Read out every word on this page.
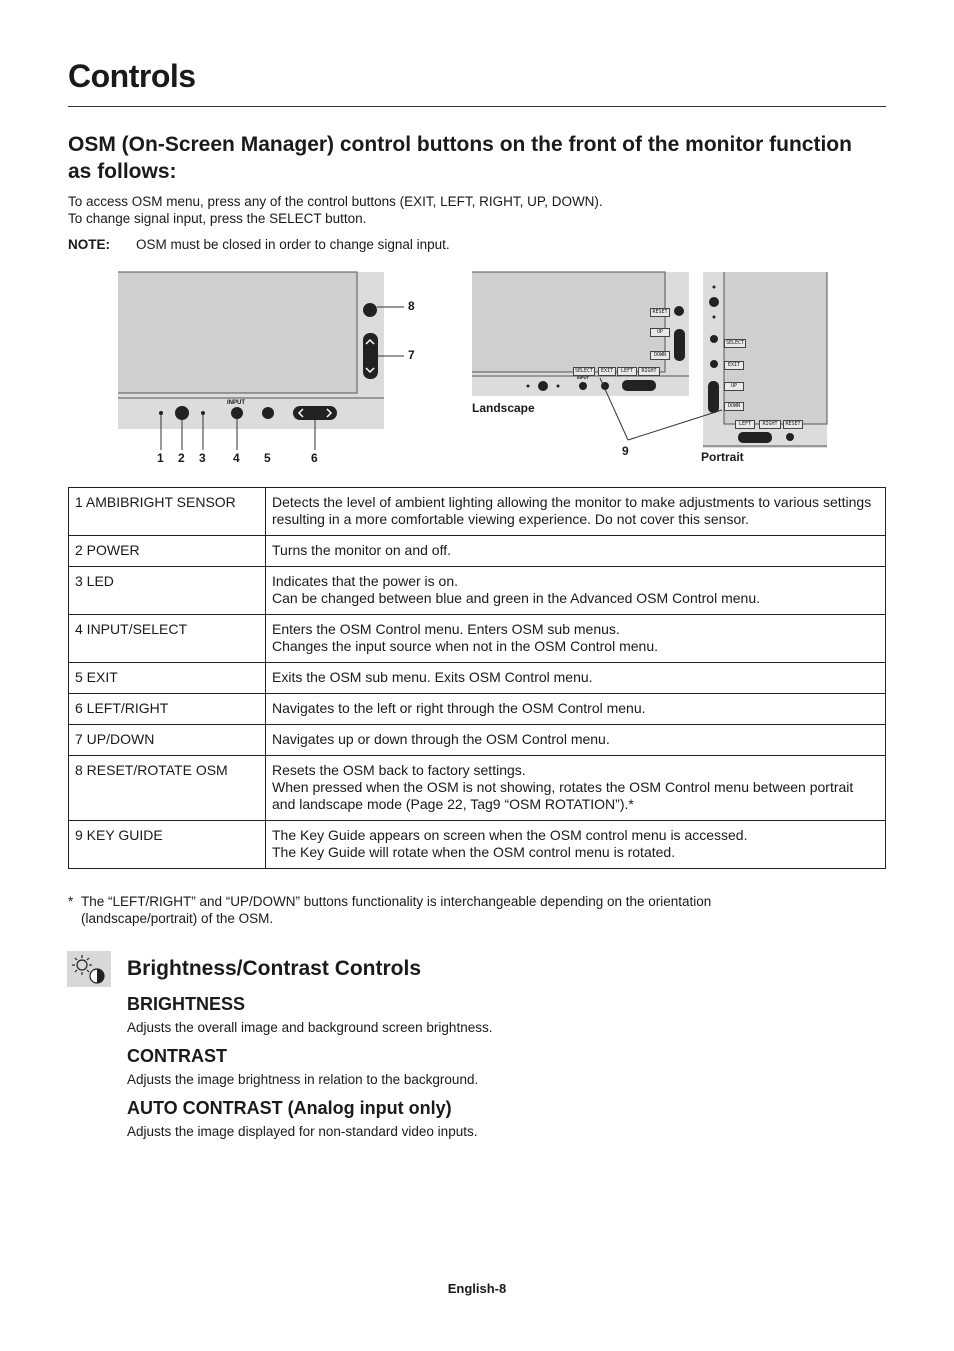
Controls
OSM (On-Screen Manager) control buttons on the front of the monitor function as follows:
To access OSM menu, press any of the control buttons (EXIT, LEFT, RIGHT, UP, DOWN).
To change signal input, press the SELECT button.
NOTE: OSM must be closed in order to change signal input.
1 2 3 4 5	6
8
7
INPUT	Landscape
Portrait
9
RESET
UP
DOWN
SELECT	EXIT	LEFT	RIGHT
INPUT
SELECT
EXIT
UP
DOWN
LEFT	RIGHT	RESET
1 AMBIBRIGHT SENSOR	Detects the level of ambient lighting allowing the monitor to make adjustments to various settings resulting in a more comfortable viewing experience. Do not cover this sensor.

2 POWER	Turns the monitor on and off.

3 LED	Indicates that the power is on.
Can be changed between blue and green in the Advanced OSM Control menu.

4 INPUT/SELECT	Enters the OSM Control menu. Enters OSM sub menus.
Changes the input source when not in the OSM Control menu.

5 EXIT	Exits the OSM sub menu. Exits OSM Control menu.

6 LEFT/RIGHT	Navigates to the left or right through the OSM Control menu.

7 UP/DOWN	Navigates up or down through the OSM Control menu.

8 RESET/ROTATE OSM	Resets the OSM back to factory settings.
When pressed when the OSM is not showing, rotates the OSM Control menu between portrait and landscape mode (Page 22, Tag9 “OSM ROTATION”).*

9 KEY GUIDE	The Key Guide appears on screen when the OSM control menu is accessed.
The Key Guide will rotate when the OSM control menu is rotated.
* The “LEFT/RIGHT” and “UP/DOWN” buttons functionality is interchangeable depending on the orientation (landscape/portrait) of the OSM.
Brightness/Contrast Controls
BRIGHTNESS
Adjusts the overall image and background screen brightness.
CONTRAST
Adjusts the image brightness in relation to the background.
AUTO CONTRAST (Analog input only)
Adjusts the image displayed for non-standard video inputs.
English-8
